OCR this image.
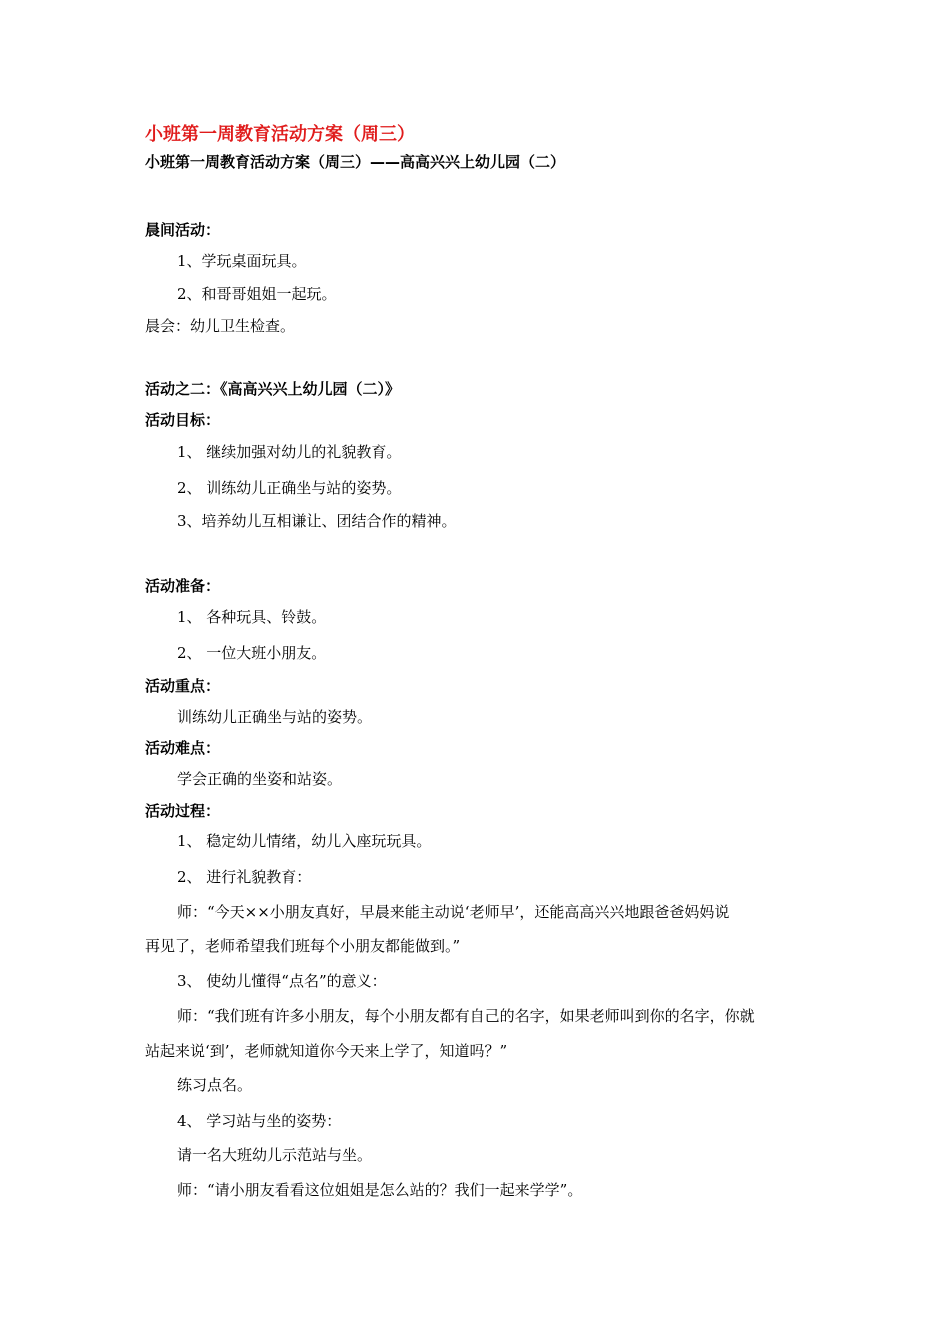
小班第一周教育活动方案（周三）
小班第一周教育活动方案（周三）——高高兴兴上幼儿园（二）
晨间活动：
1、学玩桌面玩具。
2、和哥哥姐姐一起玩。
晨会：幼儿卫生检查。
活动之二：《高高兴兴上幼儿园（二）》
活动目标：
1、 继续加强对幼儿的礼貌教育。
2、 训练幼儿正确坐与站的姿势。
3、培养幼儿互相谦让、团结合作的精神。
活动准备：
1、 各种玩具、铃鼓。
2、 一位大班小朋友。
活动重点：
训练幼儿正确坐与站的姿势。
活动难点：
学会正确的坐姿和站姿。
活动过程：
1、 稳定幼儿情绪，幼儿入座玩玩具。
2、 进行礼貌教育：
师：“今天××小朋友真好，早晨来能主动说‘老师早’，还能高高兴兴地跟爸爸妈妈说
再见了，老师希望我们班每个小朋友都能做到。”
3、 使幼儿懂得“点名”的意义：
师：“我们班有许多小朋友，每个小朋友都有自己的名字，如果老师叫到你的名字，你就
站起来说‘到’，老师就知道你今天来上学了，知道吗？”
练习点名。
4、 学习站与坐的姿势：
请一名大班幼儿示范站与坐。
师：“请小朋友看看这位姐姐是怎么站的？我们一起来学学”。
